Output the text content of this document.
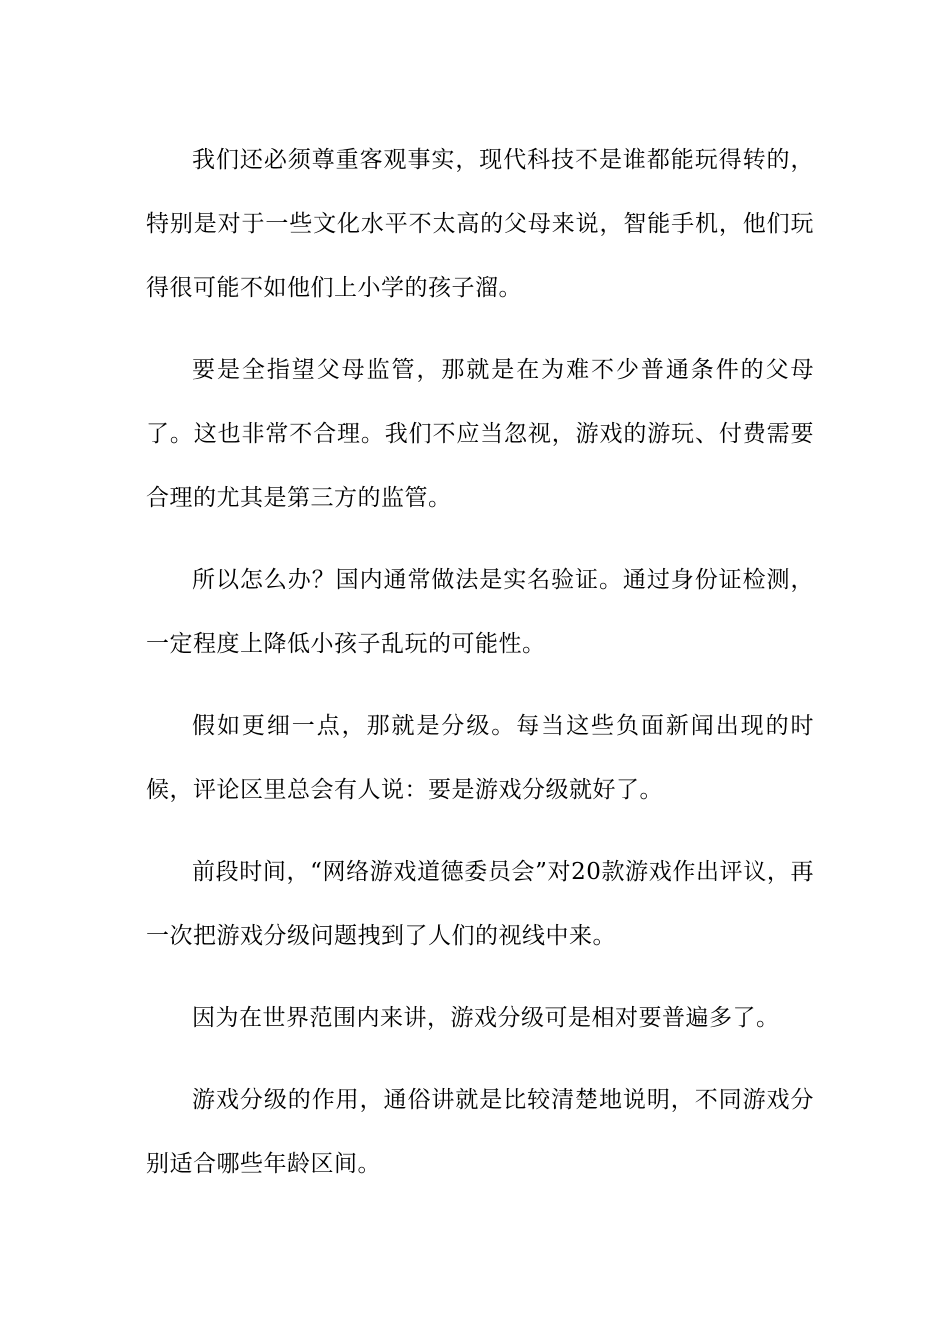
我们还必须尊重客观事实，现代科技不是谁都能玩得转的，特别是对于一些文化水平不太高的父母来说，智能手机，他们玩得很可能不如他们上小学的孩子溜。

要是全指望父母监管，那就是在为难不少普通条件的父母了。这也非常不合理。我们不应当忽视，游戏的游玩、付费需要合理的尤其是第三方的监管。

所以怎么办？国内通常做法是实名验证。通过身份证检测，一定程度上降低小孩子乱玩的可能性。

假如更细一点，那就是分级。每当这些负面新闻出现的时候，评论区里总会有人说：要是游戏分级就好了。

前段时间，“网络游戏道德委员会”对20款游戏作出评议，再一次把游戏分级问题拽到了人们的视线中来。

因为在世界范围内来讲，游戏分级可是相对要普遍多了。

游戏分级的作用，通俗讲就是比较清楚地说明，不同游戏分别适合哪些年龄区间。
